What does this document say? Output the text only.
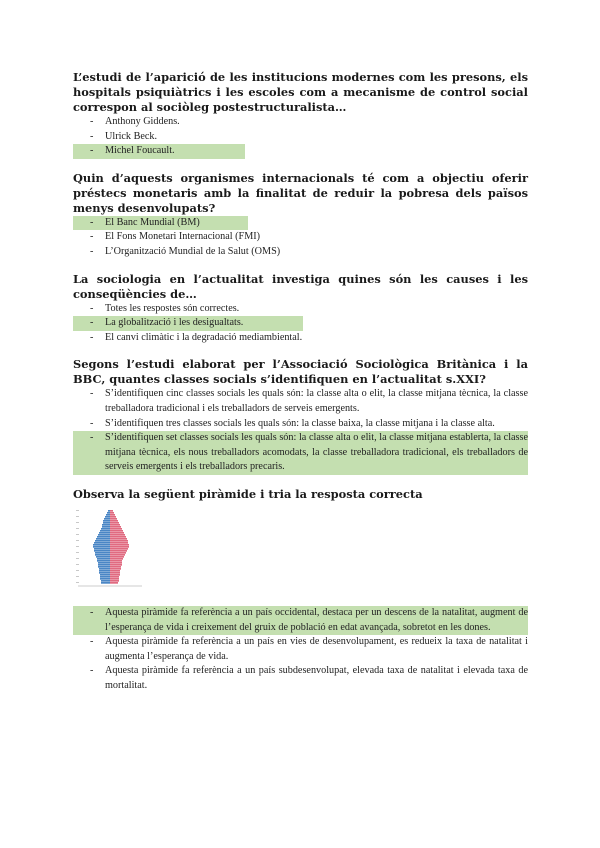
L’estudi de l’aparició de les institucions modernes com les presons, els hospitals psiquiàtrics i les escoles com a mecanisme de control social correspon al sociòleg postestructuralista…

- Anthony Giddens.
- Ulrick Beck.
- Michel Foucault.

Quin d’aquests organismes internacionals té com a objectiu oferir préstecs monetaris amb la finalitat de reduir la pobresa dels països menys desenvolupats?

- El Banc Mundial (BM)
- El Fons Monetari Internacional (FMI)
- L’Organització Mundial de la Salut (OMS)

La sociologia en l’actualitat investiga quines són les causes i les conseqüències de…

- Totes les respostes són correctes.
- La globalització i les desigualtats.
- El canvi climàtic i la degradació mediambiental.

Segons l’estudi elaborat per l’Associació Sociològica Britànica i la BBC, quantes classes socials s’identifiquen en l’actualitat s.XXI?

- S’identifiquen cinc classes socials les quals són: la classe alta o elit, la classe mitjana tècnica, la classe treballadora tradicional i els treballadors de serveis emergents.
- S’identifiquen tres classes socials les quals són: la classe baixa, la classe mitjana i la classe alta.
- S’identifiquen set classes socials les quals són: la classe alta o elit, la classe mitjana establerta, la classe mitjana tècnica, els nous treballadors acomodats, la classe treballadora tradicional, els treballadors de serveis emergents i els treballadors precaris.

Observa la següent piràmide i tria la resposta correcta

- Aquesta piràmide fa referència a un país occidental, destaca per un descens de la natalitat, augment de l’esperança de vida i creixement del gruix de població en edat avançada, sobretot en les dones.
- Aquesta piràmide fa referència a un país en vies de desenvolupament, es redueix la taxa de natalitat i augmenta l’esperança de vida.
- Aquesta piràmide fa referència a un país subdesenvolupat, elevada taxa de natalitat i elevada taxa de mortalitat.
